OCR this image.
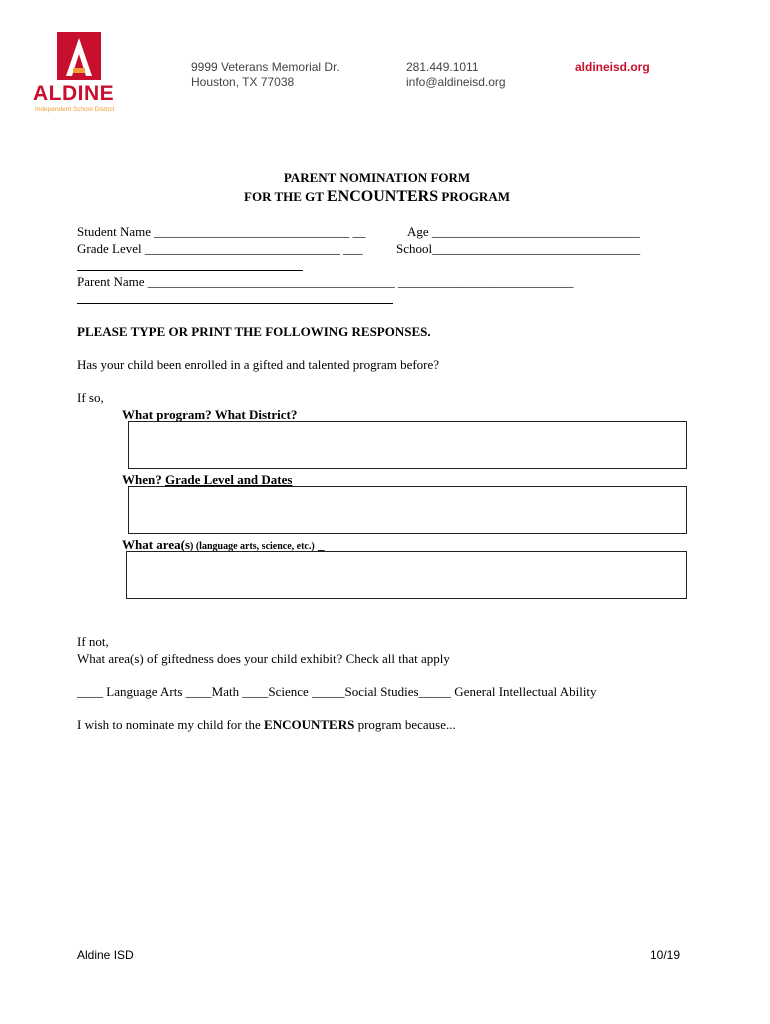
ALDINE
Independent School District
9999 Veterans Memorial Dr.
Houston, TX 77038
281.449.1011
info@aldineisd.org
aldineisd.org
PARENT NOMINATION FORM
FOR THE GT ENCOUNTERS PROGRAM
Student Name ______________________________ __	Age ________________________________
Grade Level ______________________________ ___	School________________________________
Parent Name ______________________________________ ___________________________
PLEASE TYPE OR PRINT THE FOLLOWING RESPONSES.
Has your child been enrolled in a gifted and talented program before?
If so,
What program? What District?
When? Grade Level and Dates
What area(s) (language arts, science, etc.) _
If not,
What area(s) of giftedness does your child exhibit? Check all that apply
____ Language Arts ____Math ____Science _____Social Studies_____ General Intellectual Ability
I wish to nominate my child for the ENCOUNTERS program because...
Aldine ISD	10/19
